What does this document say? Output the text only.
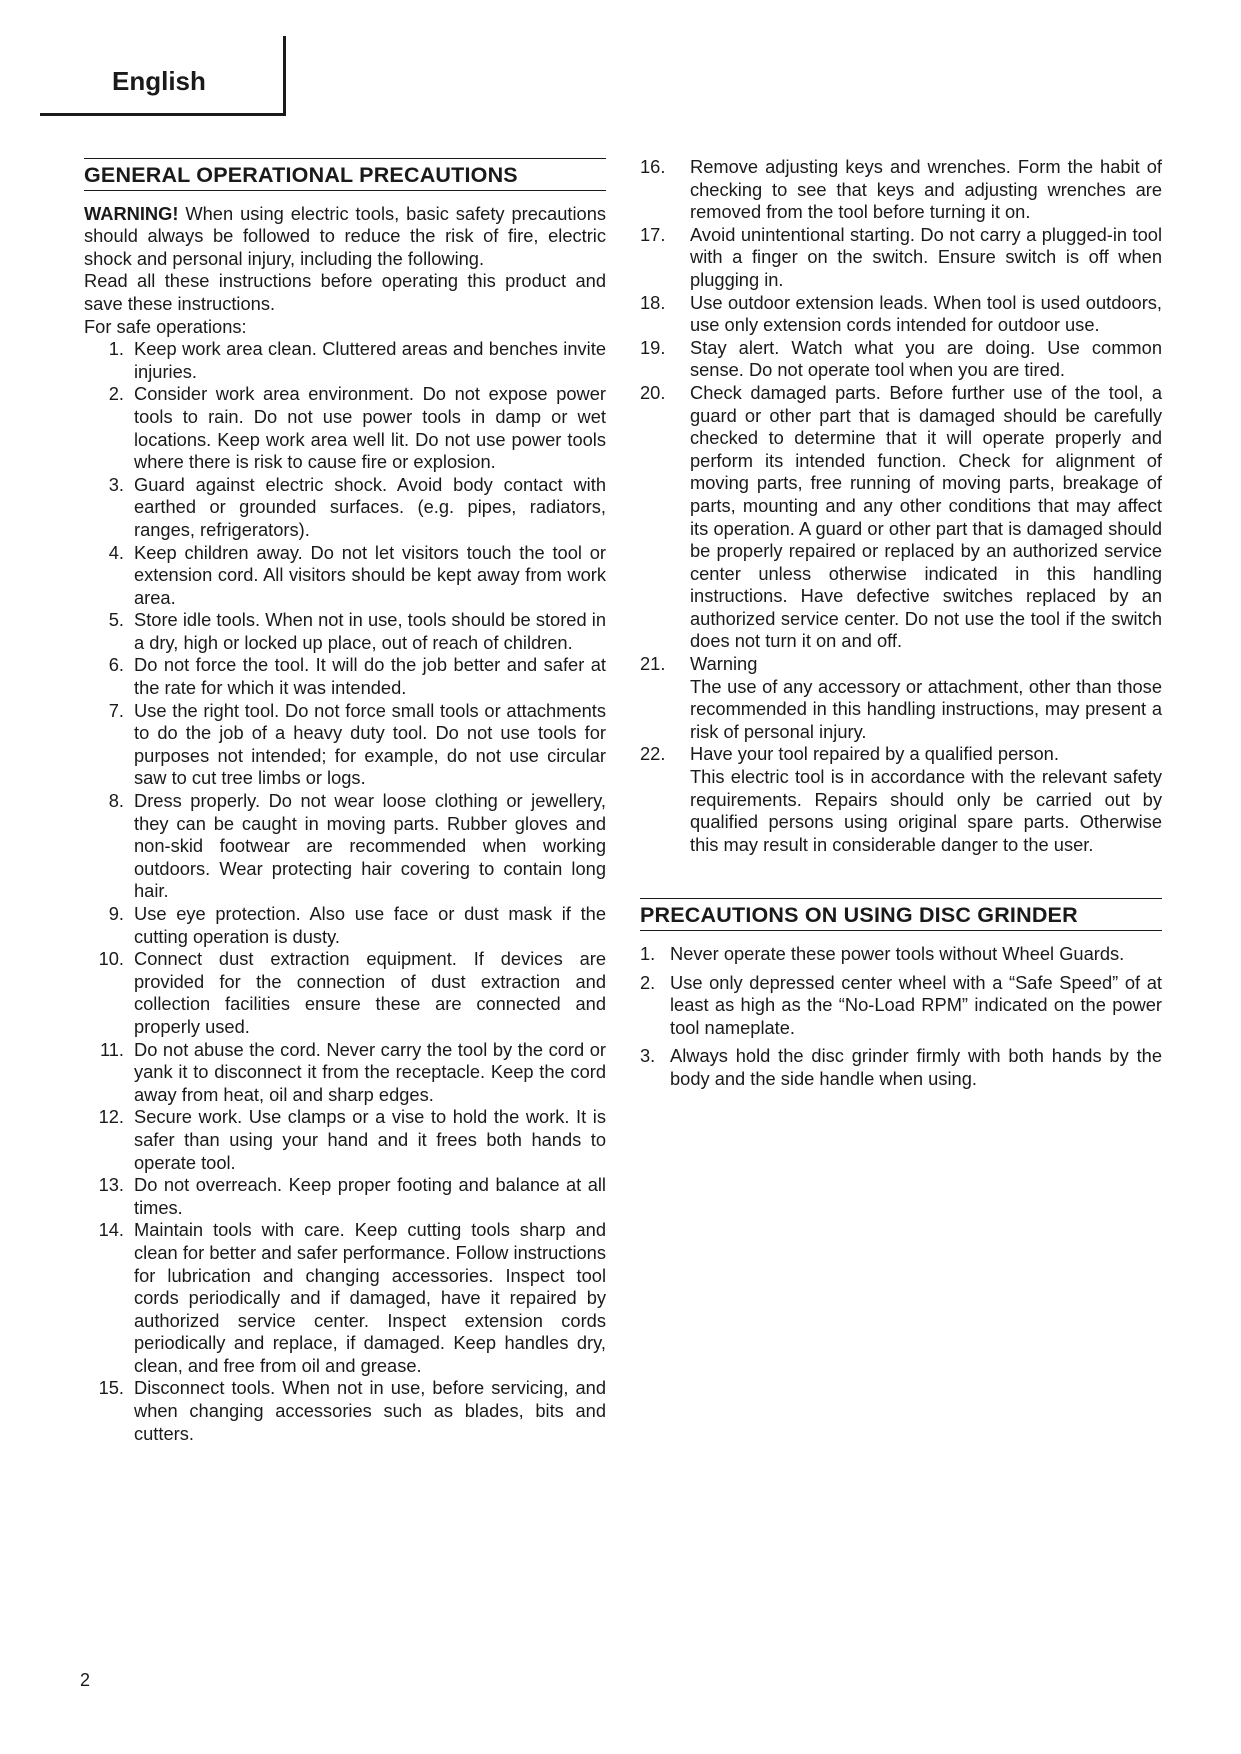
English
GENERAL OPERATIONAL PRECAUTIONS
WARNING! When using electric tools, basic safety precautions should always be followed to reduce the risk of fire, electric shock and personal injury, including the following.
Read all these instructions before operating this product and save these instructions.
For safe operations:
1. Keep work area clean. Cluttered areas and benches invite injuries.
2. Consider work area environment. Do not expose power tools to rain. Do not use power tools in damp or wet locations. Keep work area well lit. Do not use power tools where there is risk to cause fire or explosion.
3. Guard against electric shock. Avoid body contact with earthed or grounded surfaces. (e.g. pipes, radiators, ranges, refrigerators).
4. Keep children away. Do not let visitors touch the tool or extension cord. All visitors should be kept away from work area.
5. Store idle tools. When not in use, tools should be stored in a dry, high or locked up place, out of reach of children.
6. Do not force the tool. It will do the job better and safer at the rate for which it was intended.
7. Use the right tool. Do not force small tools or attachments to do the job of a heavy duty tool. Do not use tools for purposes not intended; for example, do not use circular saw to cut tree limbs or logs.
8. Dress properly. Do not wear loose clothing or jewellery, they can be caught in moving parts. Rubber gloves and non-skid footwear are recommended when working outdoors. Wear protecting hair covering to contain long hair.
9. Use eye protection. Also use face or dust mask if the cutting operation is dusty.
10. Connect dust extraction equipment. If devices are provided for the connection of dust extraction and collection facilities ensure these are connected and properly used.
11. Do not abuse the cord. Never carry the tool by the cord or yank it to disconnect it from the receptacle. Keep the cord away from heat, oil and sharp edges.
12. Secure work. Use clamps or a vise to hold the work. It is safer than using your hand and it frees both hands to operate tool.
13. Do not overreach. Keep proper footing and balance at all times.
14. Maintain tools with care. Keep cutting tools sharp and clean for better and safer performance. Follow instructions for lubrication and changing accessories. Inspect tool cords periodically and if damaged, have it repaired by authorized service center. Inspect extension cords periodically and replace, if damaged. Keep handles dry, clean, and free from oil and grease.
15. Disconnect tools. When not in use, before servicing, and when changing accessories such as blades, bits and cutters.
16.	Remove adjusting keys and wrenches. Form the habit of checking to see that keys and adjusting wrenches are removed from the tool before turning it on.
17.	Avoid unintentional starting. Do not carry a plugged-in tool with a finger on the switch. Ensure switch is off when plugging in.
18.	Use outdoor extension leads. When tool is used outdoors, use only extension cords intended for outdoor use.
19.	Stay alert. Watch what you are doing. Use common sense. Do not operate tool when you are tired.
20.	Check damaged parts. Before further use of the tool, a guard or other part that is damaged should be carefully checked to determine that it will operate properly and perform its intended function. Check for alignment of moving parts, free running of moving parts, breakage of parts, mounting and any other conditions that may affect its operation. A guard or other part that is damaged should be properly repaired or replaced by an authorized service center unless otherwise indicated in this handling instructions. Have defective switches replaced by an authorized service center. Do not use the tool if the switch does not turn it on and off.
21.	Warning
The use of any accessory or attachment, other than those recommended in this handling instructions, may present a risk of personal injury.
22.	Have your tool repaired by a qualified person.
This electric tool is in accordance with the relevant safety requirements. Repairs should only be carried out by qualified persons using original spare parts. Otherwise this may result in considerable danger to the user.
PRECAUTIONS ON USING DISC GRINDER
1. Never operate these power tools without Wheel Guards.
2. Use only depressed center wheel with a “Safe Speed” of at least as high as the “No-Load RPM” indicated on the power tool nameplate.
3. Always hold the disc grinder firmly with both hands by the body and the side handle when using.
2
